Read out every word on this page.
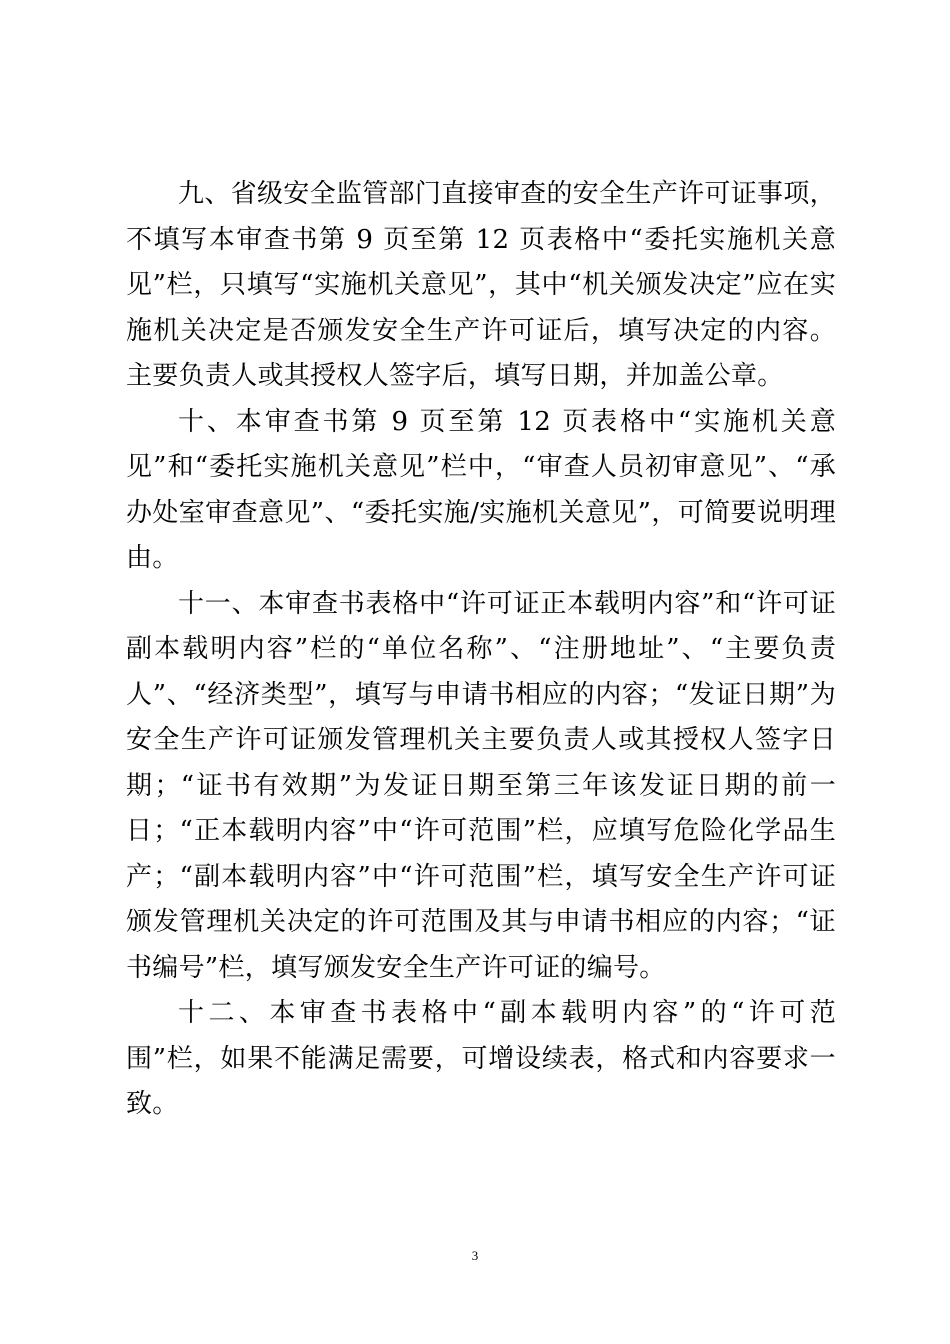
九、省级安全监管部门直接审查的安全生产许可证事项，不填写本审查书第 9 页至第 12 页表格中“委托实施机关意见”栏，只填写“实施机关意见”，其中“机关颁发决定”应在实施机关决定是否颁发安全生产许可证后，填写决定的内容。主要负责人或其授权人签字后，填写日期，并加盖公章。

十、本审查书第 9 页至第 12 页表格中“实施机关意见”和“委托实施机关意见”栏中，“审查人员初审意见”、“承办处室审查意见”、“委托实施/实施机关意见”，可简要说明理由。

十一、本审查书表格中“许可证正本载明内容”和“许可证副本载明内容”栏的“单位名称”、“注册地址”、“主要负责人”、“经济类型”，填写与申请书相应的内容；“发证日期”为安全生产许可证颁发管理机关主要负责人或其授权人签字日期；“证书有效期”为发证日期至第三年该发证日期的前一日；“正本载明内容”中“许可范围”栏，应填写危险化学品生产；“副本载明内容”中“许可范围”栏，填写安全生产许可证颁发管理机关决定的许可范围及其与申请书相应的内容；“证书编号”栏，填写颁发安全生产许可证的编号。

十二、本审查书表格中“副本载明内容”的“许可范围”栏，如果不能满足需要，可增设续表，格式和内容要求一致。

3
